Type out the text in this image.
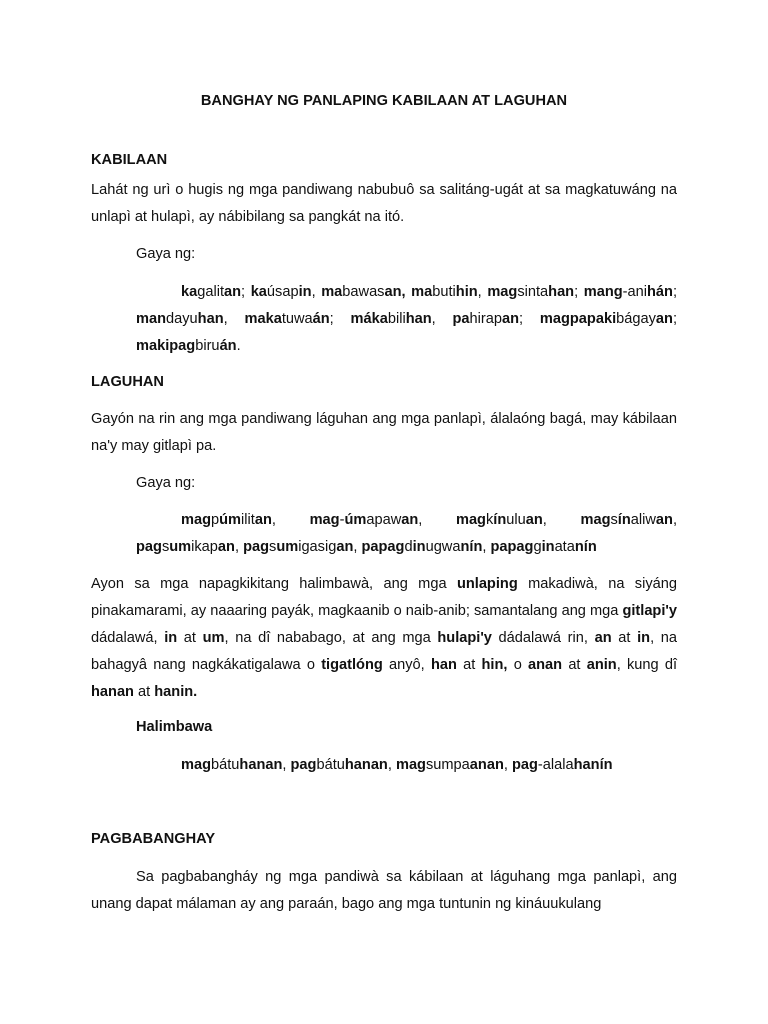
BANGHAY NG PANLAPING KABILAAN AT LAGUHAN
KABILAAN
Lahát ng urì o hugis ng mga pandiwang nabubuô sa salitáng-ugát at sa magkatuwáng na unlapì at hulapì, ay nábibilang sa pangkát na itó.
Gaya ng:
kagalitan; kaúsapin, mabawasan, mabutihin, magsintahan; mang-anihán; mandayuhan, makatuwaán; mákabilihan, pahirapan; magpapakibágayan; makipagbiruán.
LAGUHAN
Gayón na rin ang mga pandiwang láguhan ang mga panlapì, álalaóng bagá, may kábilaan na'y may gitlapì pa.
Gaya ng:
magpúmilitan, mag-úmapawan, magkínuluan, magsínaliwan, pagsumikapan, pagsumigasigan, papagdinugwanín, papagginatanín
Ayon sa mga napagkikitang halimbawà, ang mga unlaping makadiwà, na siyáng pinakamarami, ay naaaring payák, magkaanib o naib-anib; samantalang ang mga gitlapi'y dádalawá, in at um, na dî nababago, at ang mga hulapi'y dádalawá rin, an at in, na bahagyâ nang nagkákatigalawa o tigatlóng anyô, han at hin, o anan at anin, kung dî hanan at hanin.
Halimbawa
magbátuhanan, pagbátuhanan, magsumpaanan, pag-alalahanín
PAGBABANGHAY
Sa pagbabangháy ng mga pandiwà sa kábilaan at láguhang mga panlapì, ang unang dapat málaman ay ang paraán, bago ang mga tuntunin ng kináuukulang
